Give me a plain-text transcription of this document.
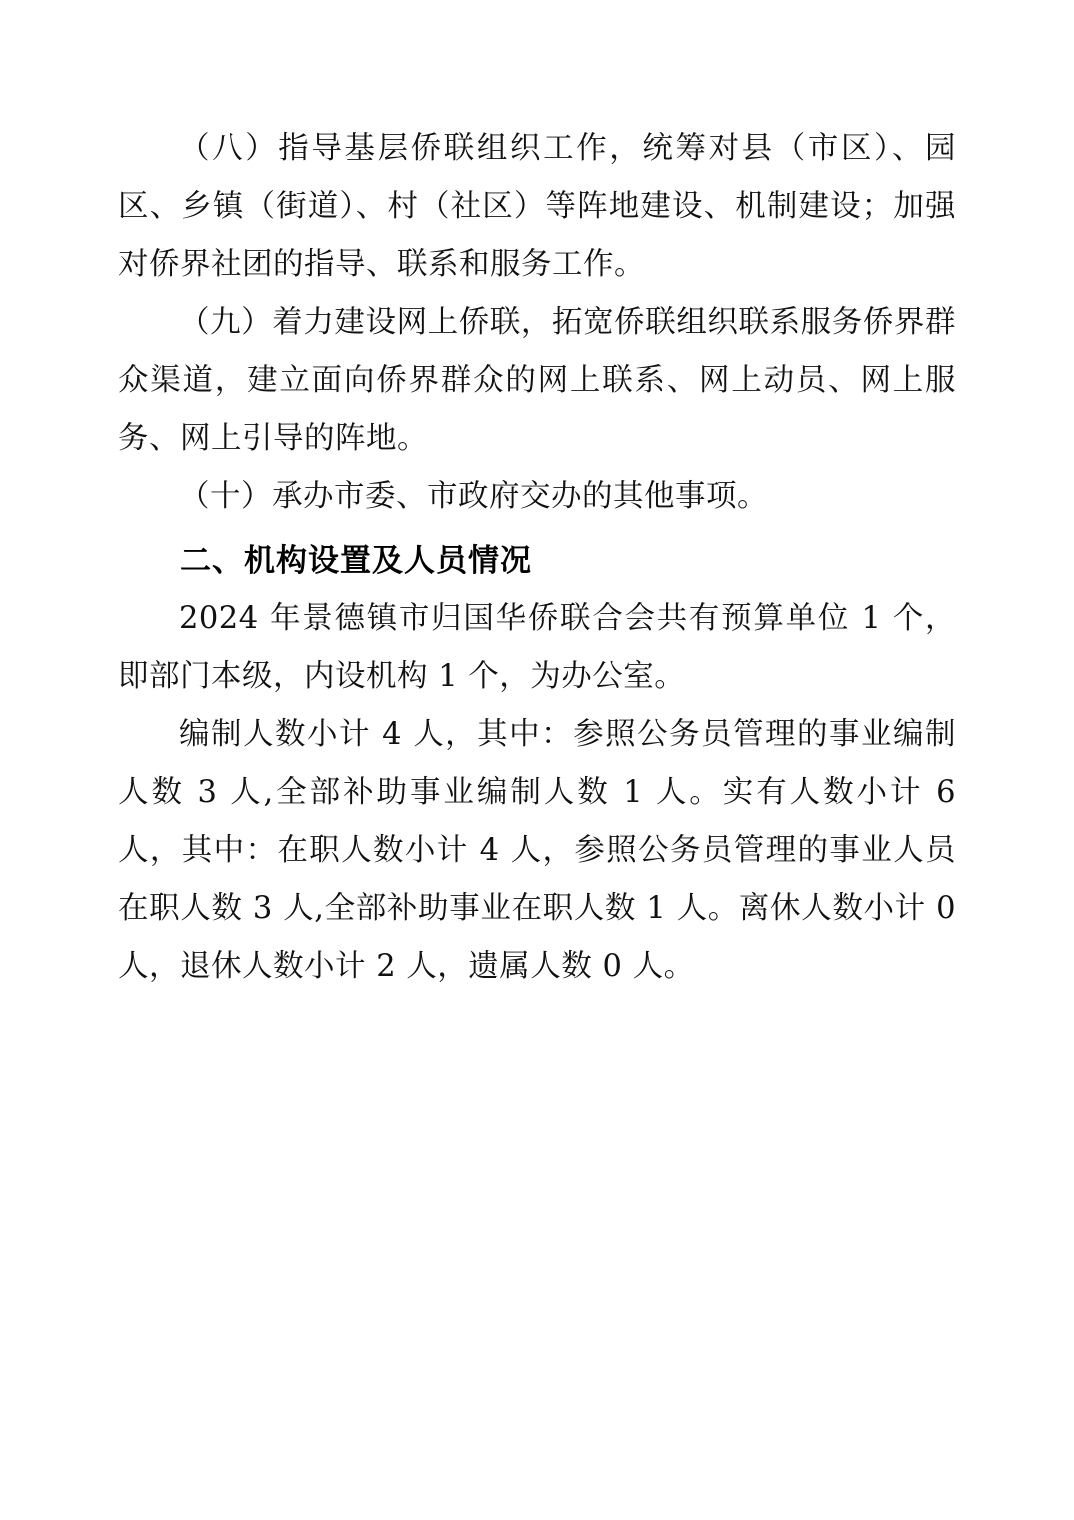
（八）指导基层侨联组织工作，统筹对县（市区）、园区、乡镇（街道）、村（社区）等阵地建设、机制建设；加强对侨界社团的指导、联系和服务工作。

（九）着力建设网上侨联，拓宽侨联组织联系服务侨界群众渠道，建立面向侨界群众的网上联系、网上动员、网上服务、网上引导的阵地。

（十）承办市委、市政府交办的其他事项。

二、机构设置及人员情况

2024 年景德镇市归国华侨联合会共有预算单位 1 个，即部门本级，内设机构 1 个，为办公室。

编制人数小计 4 人，其中：参照公务员管理的事业编制人数 3 人,全部补助事业编制人数 1 人。实有人数小计 6 人，其中：在职人数小计 4 人，参照公务员管理的事业人员在职人数 3 人,全部补助事业在职人数 1 人。离休人数小计 0 人，退休人数小计 2 人，遗属人数 0 人。
